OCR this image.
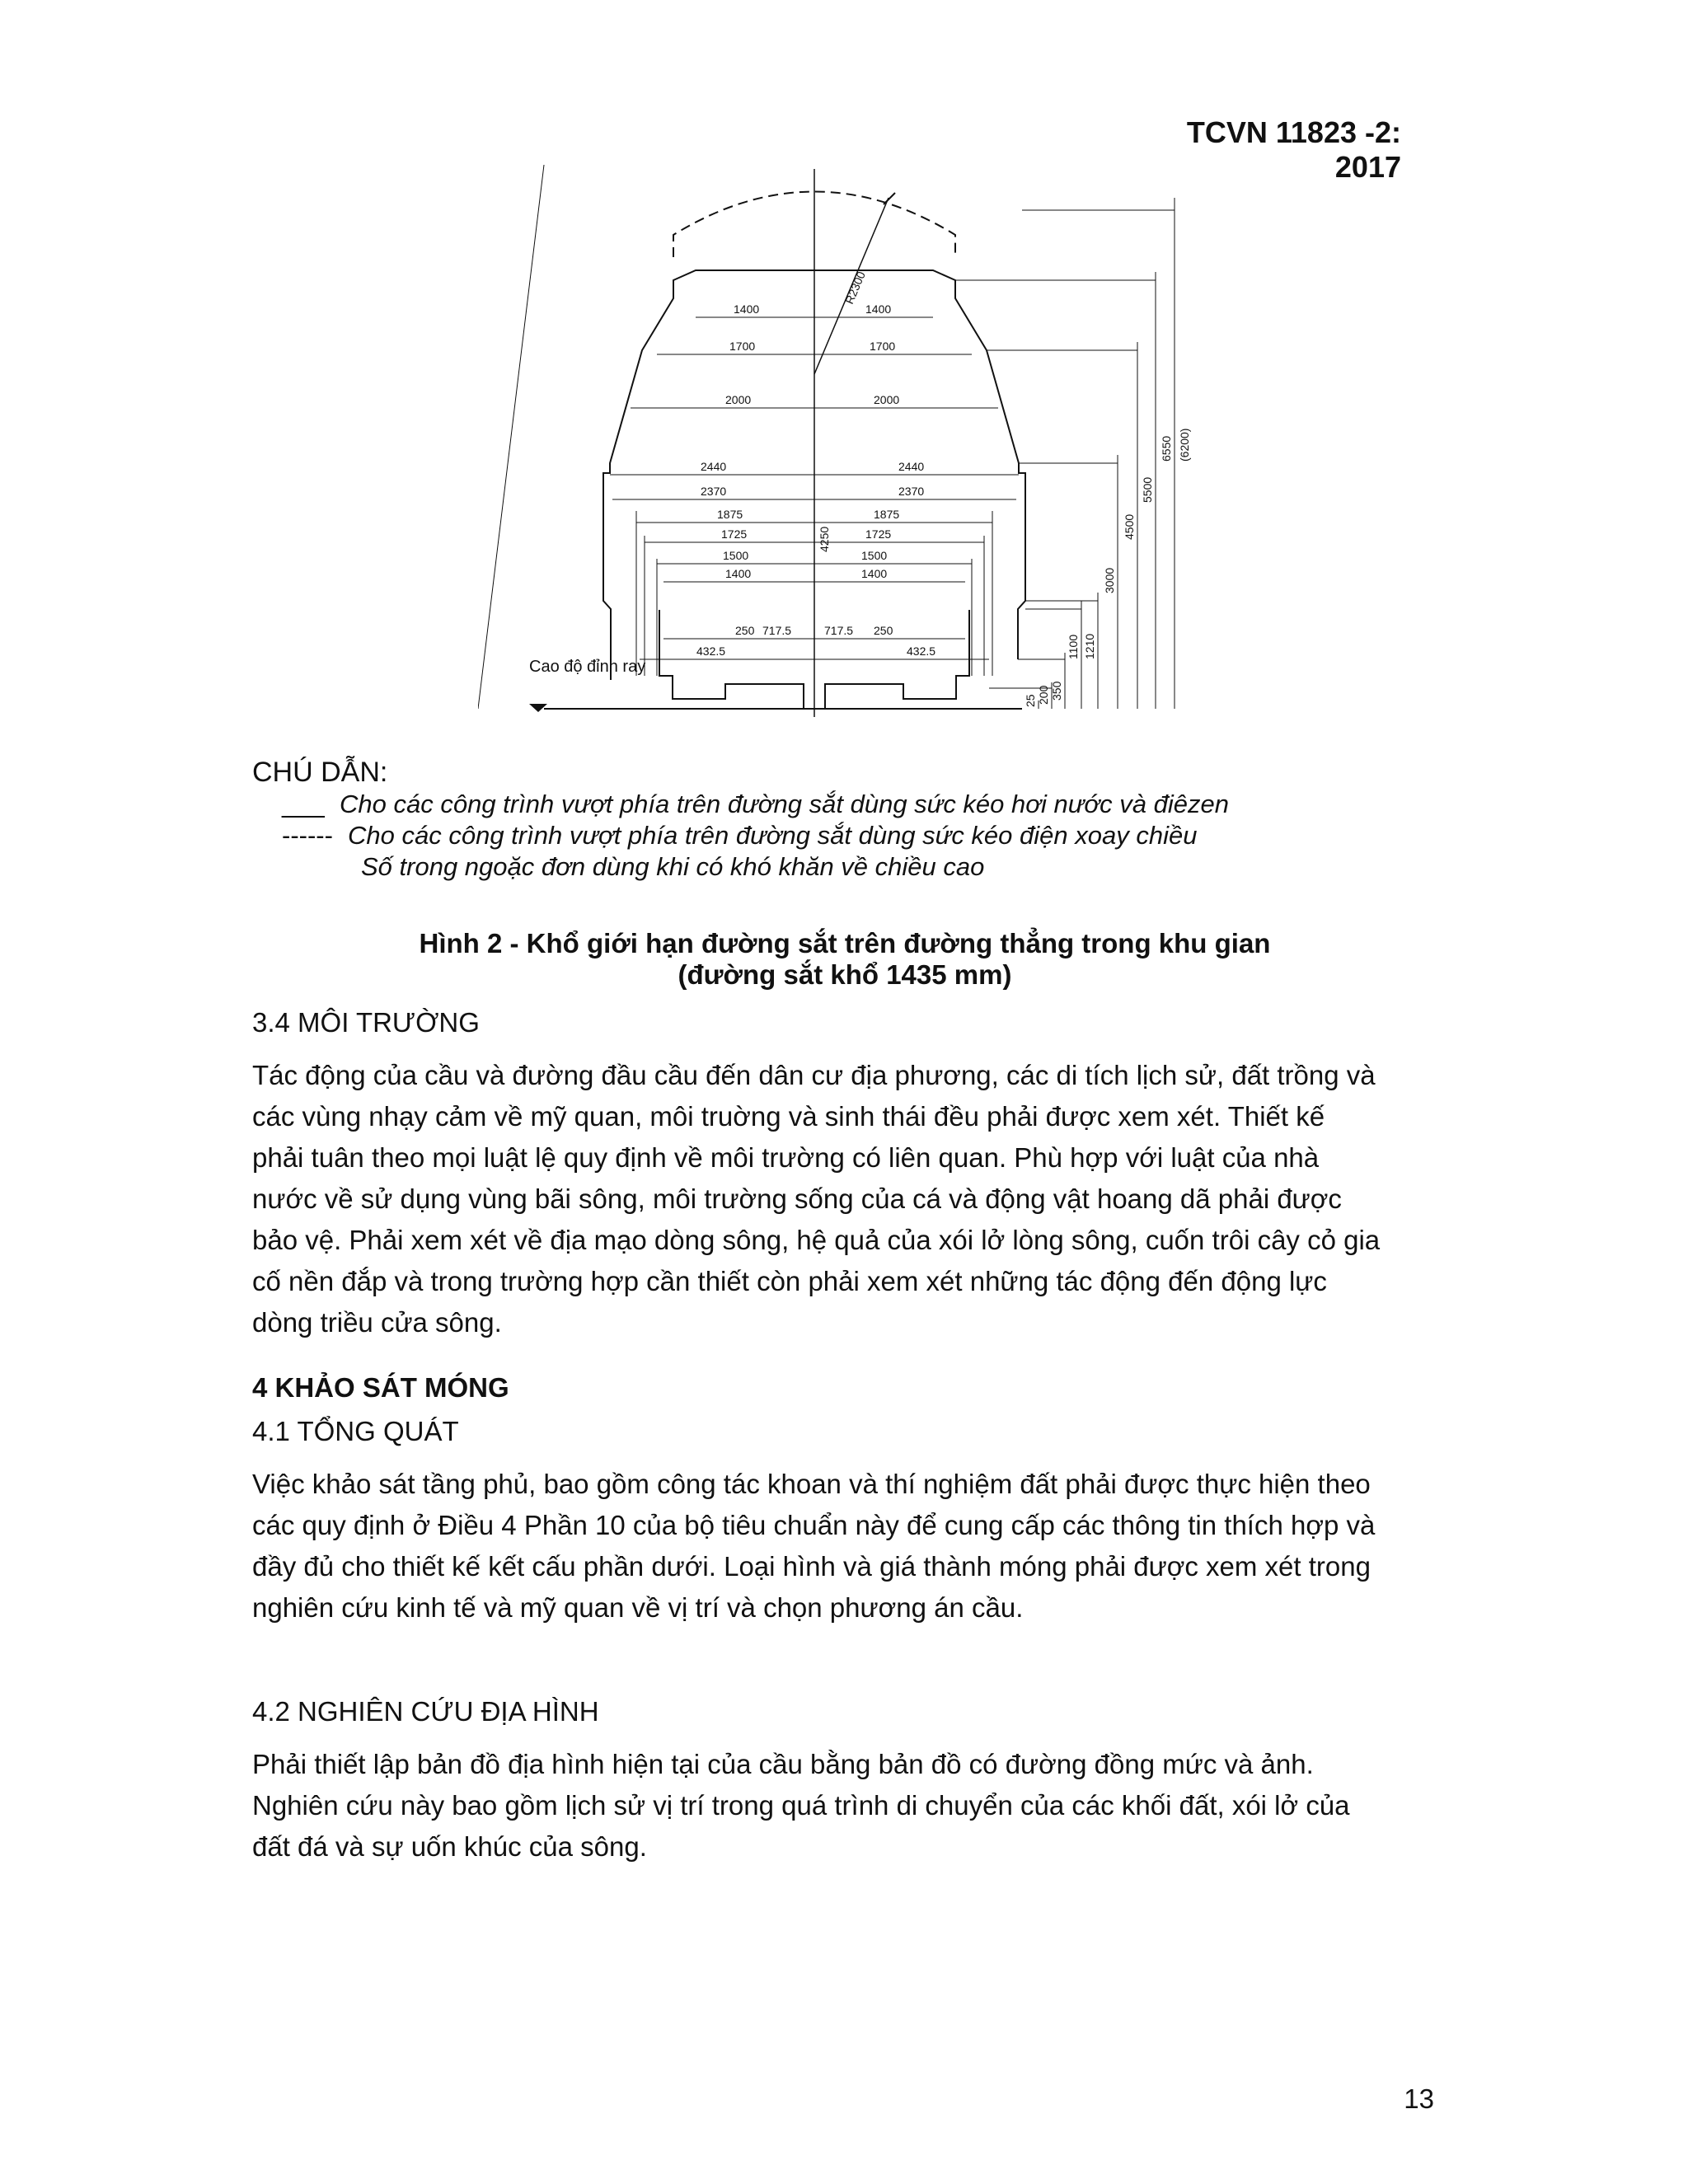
TCVN 11823 -2: 2017
Cao độ đỉnh ray
R2300
1400	1400
1700	1700
2000	2000
2440	2440
2370	2370
1875	1875
1725	1725
1500	1500
1400	1400
250 717.5	717.5 250
432.5	432.5
4250
6550 (6200)
5500
4500
3000
1210
1100
350
200
25
CHÚ DẪN:
___ Cho các công trình vượt phía trên đường sắt dùng sức kéo hơi nước và điêzen
------ Cho các công trình vượt phía trên đường sắt dùng sức kéo điện xoay chiều
Số trong ngoặc đơn dùng khi có khó khăn về chiều cao
Hình 2 - Khổ giới hạn đường sắt trên đường thẳng trong khu gian
(đường sắt khổ 1435 mm)
3.4 MÔI TRƯỜNG
Tác động của cầu và đường đầu cầu đến dân cư địa phương, các di tích lịch sử, đất trồng và
các vùng nhạy cảm về mỹ quan, môi truờng và sinh thái đều phải được xem xét. Thiết kế
phải tuân theo mọi luật lệ quy định về môi trường có liên quan. Phù hợp với luật của nhà
nước về sử dụng vùng bãi sông, môi trường sống của cá và động vật hoang dã phải được
bảo vệ. Phải xem xét về địa mạo dòng sông, hệ quả của xói lở lòng sông, cuốn trôi cây cỏ gia
cố nền đắp và trong trường hợp cần thiết còn phải xem xét những tác động đến động lực
dòng triều cửa sông.
4 KHẢO SÁT MÓNG
4.1 TỔNG QUÁT
Việc khảo sát tầng phủ, bao gồm công tác khoan và thí nghiệm đất phải được thực hiện theo
các quy định ở Điều 4 Phần 10 của bộ tiêu chuẩn này để cung cấp các thông tin thích hợp và
đầy đủ cho thiết kế kết cấu phần dưới. Loại hình và giá thành móng phải được xem xét trong
nghiên cứu kinh tế và mỹ quan về vị trí và chọn phương án cầu.
4.2 NGHIÊN CỨU ĐỊA HÌNH
Phải thiết lập bản đồ địa hình hiện tại của cầu bằng bản đồ có đường đồng mức và ảnh.
Nghiên cứu này bao gồm lịch sử vị trí trong quá trình di chuyển của các khối đất, xói lở của
đất đá và sự uốn khúc của sông.
13
